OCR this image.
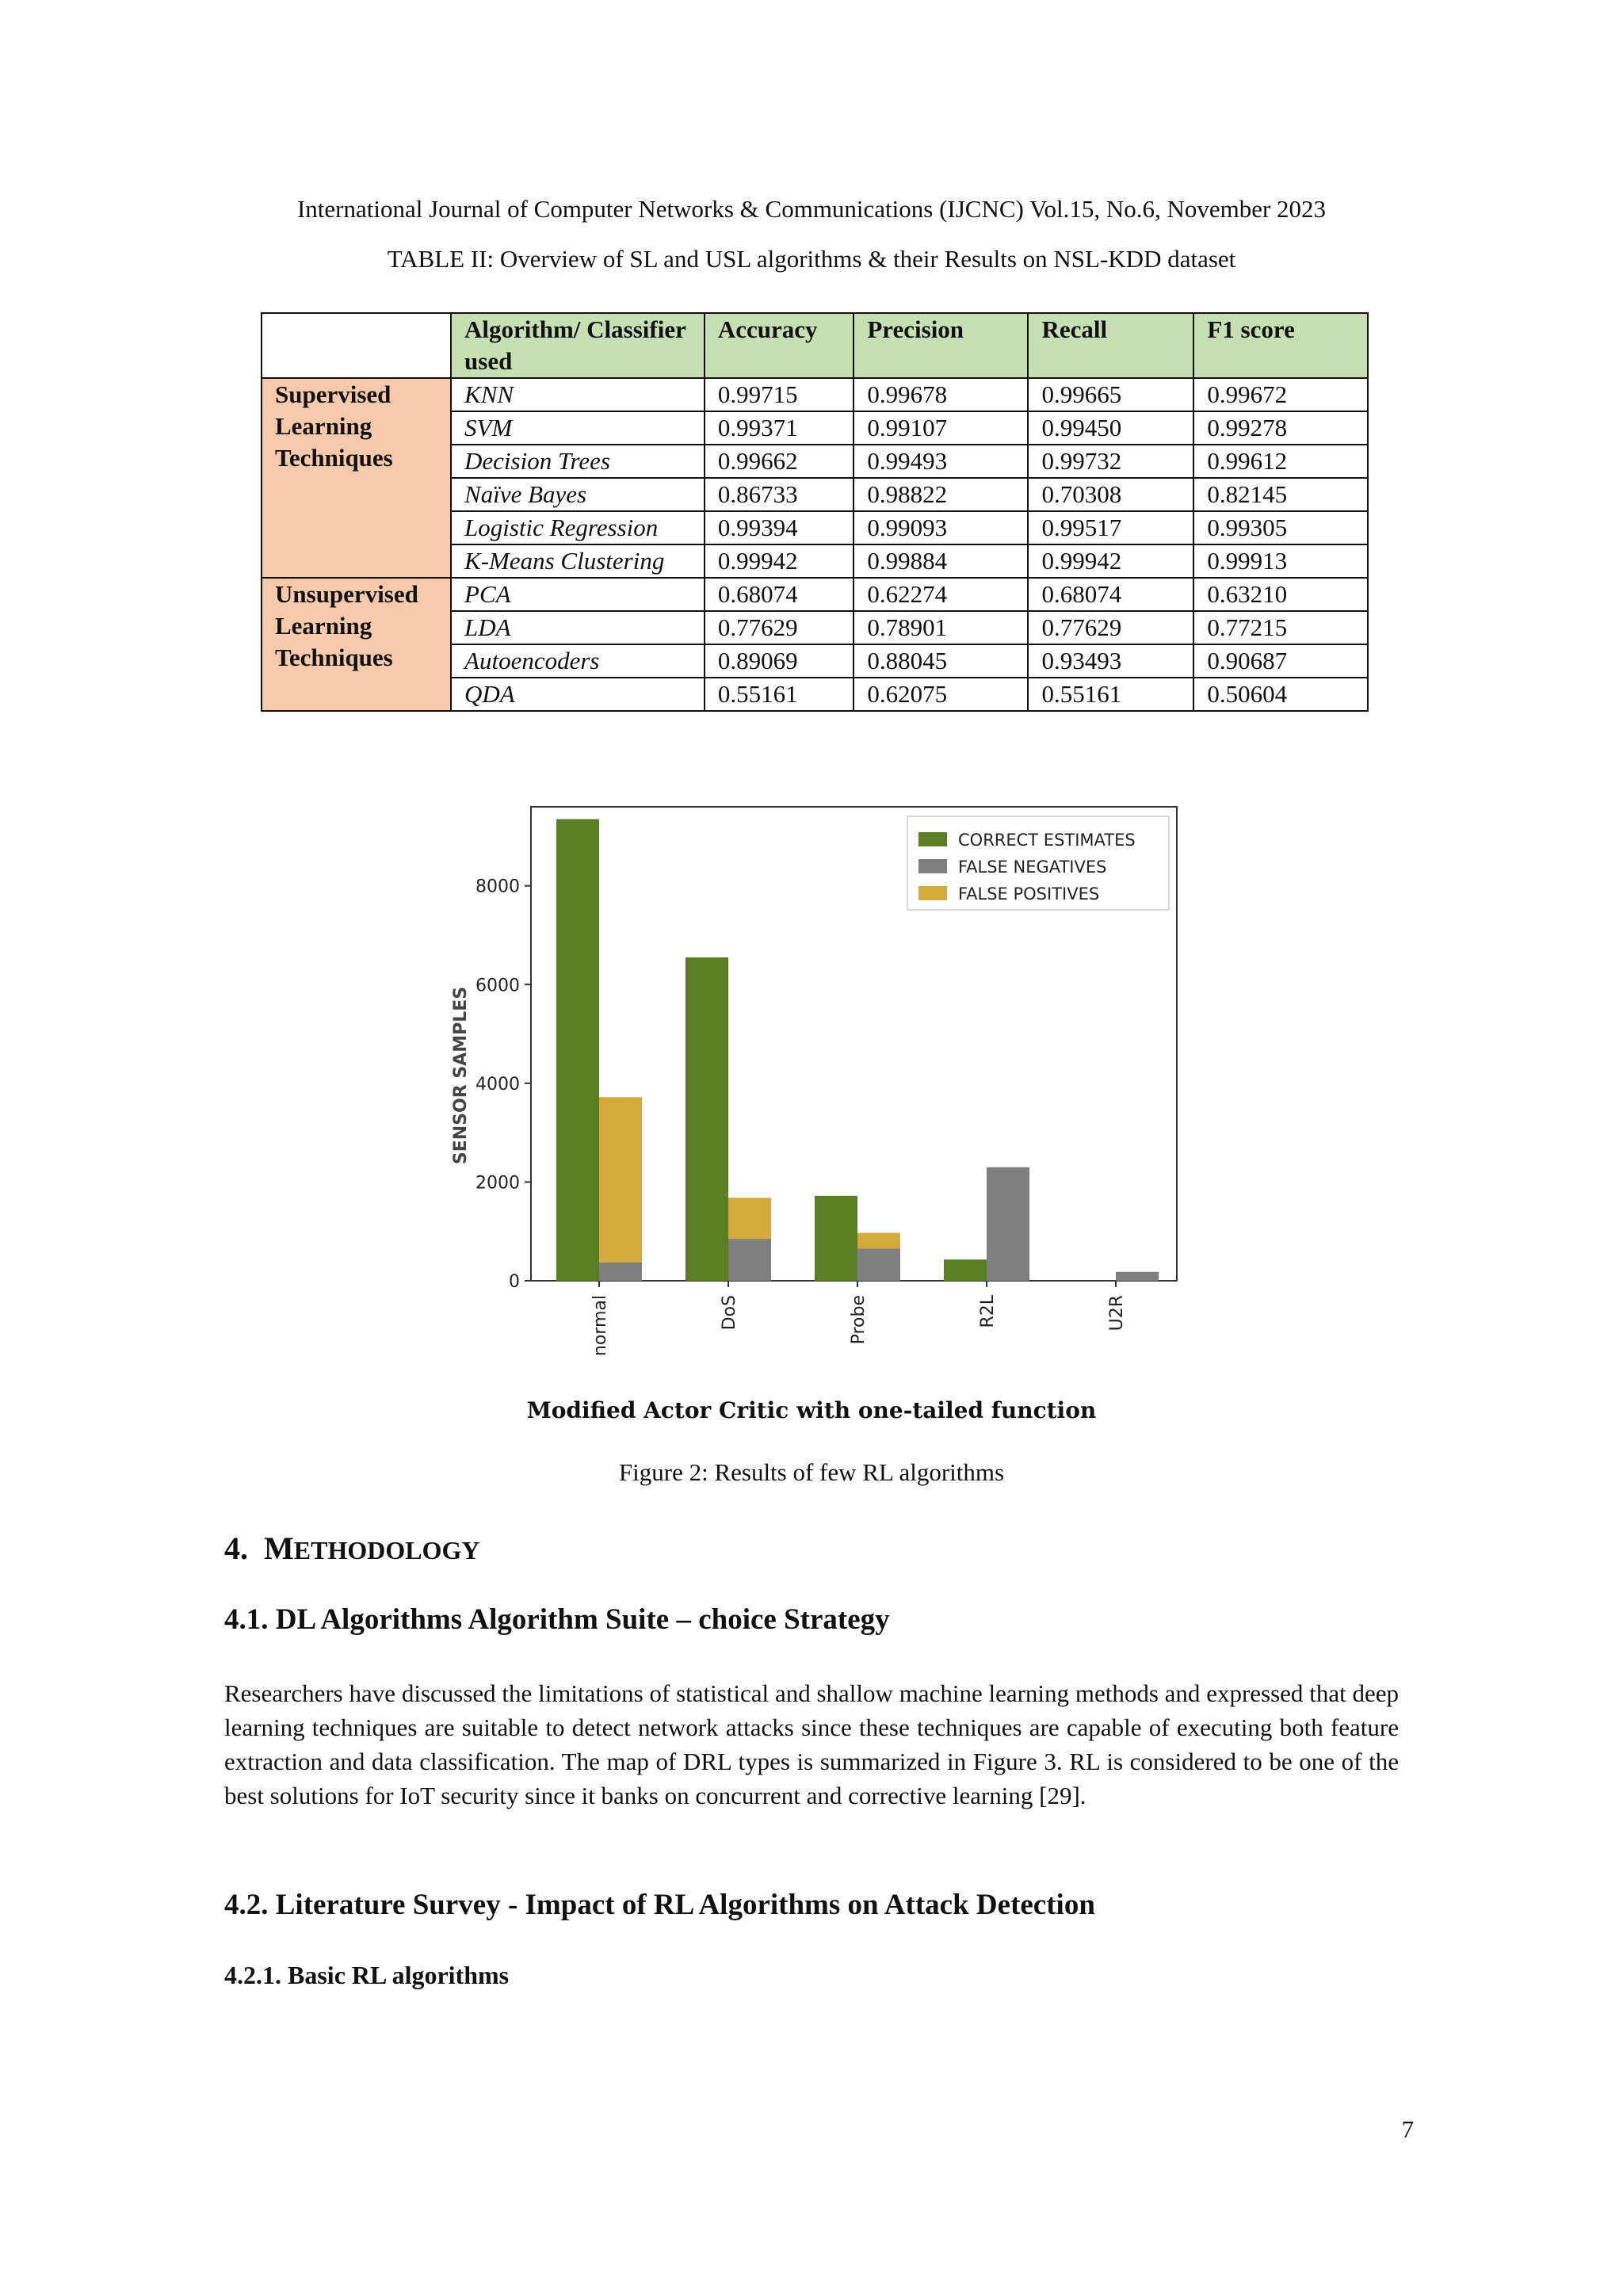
International Journal of Computer Networks & Communications (IJCNC) Vol.15, No.6, November 2023
TABLE II: Overview of SL and USL algorithms & their Results on NSL-KDD dataset
	Algorithm/ Classifier used	Accuracy	Precision	Recall	F1 score
Supervised Learning Techniques	KNN	0.99715	0.99678	0.99665	0.99672
	SVM	0.99371	0.99107	0.99450	0.99278
	Decision Trees	0.99662	0.99493	0.99732	0.99612
	Naïve Bayes	0.86733	0.98822	0.70308	0.82145
	Logistic Regression	0.99394	0.99093	0.99517	0.99305
	K-Means Clustering	0.99942	0.99884	0.99942	0.99913
Unsupervised Learning Techniques	PCA	0.68074	0.62274	0.68074	0.63210
	LDA	0.77629	0.78901	0.77629	0.77215
	Autoencoders	0.89069	0.88045	0.93493	0.90687
	QDA	0.55161	0.62075	0.55161	0.50604
0
2000
4000
6000
8000
SENSOR SAMPLES
normal	DoS	Probe	R2L	U2R
CORRECT ESTIMATES
FALSE NEGATIVES
FALSE POSITIVES
Modified Actor Critic with one-tailed function
Figure 2: Results of few RL algorithms
4. METHODOLOGY
4.1. DL Algorithms Algorithm Suite – choice Strategy
Researchers have discussed the limitations of statistical and shallow machine learning methods and expressed that deep learning techniques are suitable to detect network attacks since these techniques are capable of executing both feature extraction and data classification. The map of DRL types is summarized in Figure 3. RL is considered to be one of the best solutions for IoT security since it banks on concurrent and corrective learning [29].
4.2. Literature Survey - Impact of RL Algorithms on Attack Detection
4.2.1. Basic RL algorithms
7
